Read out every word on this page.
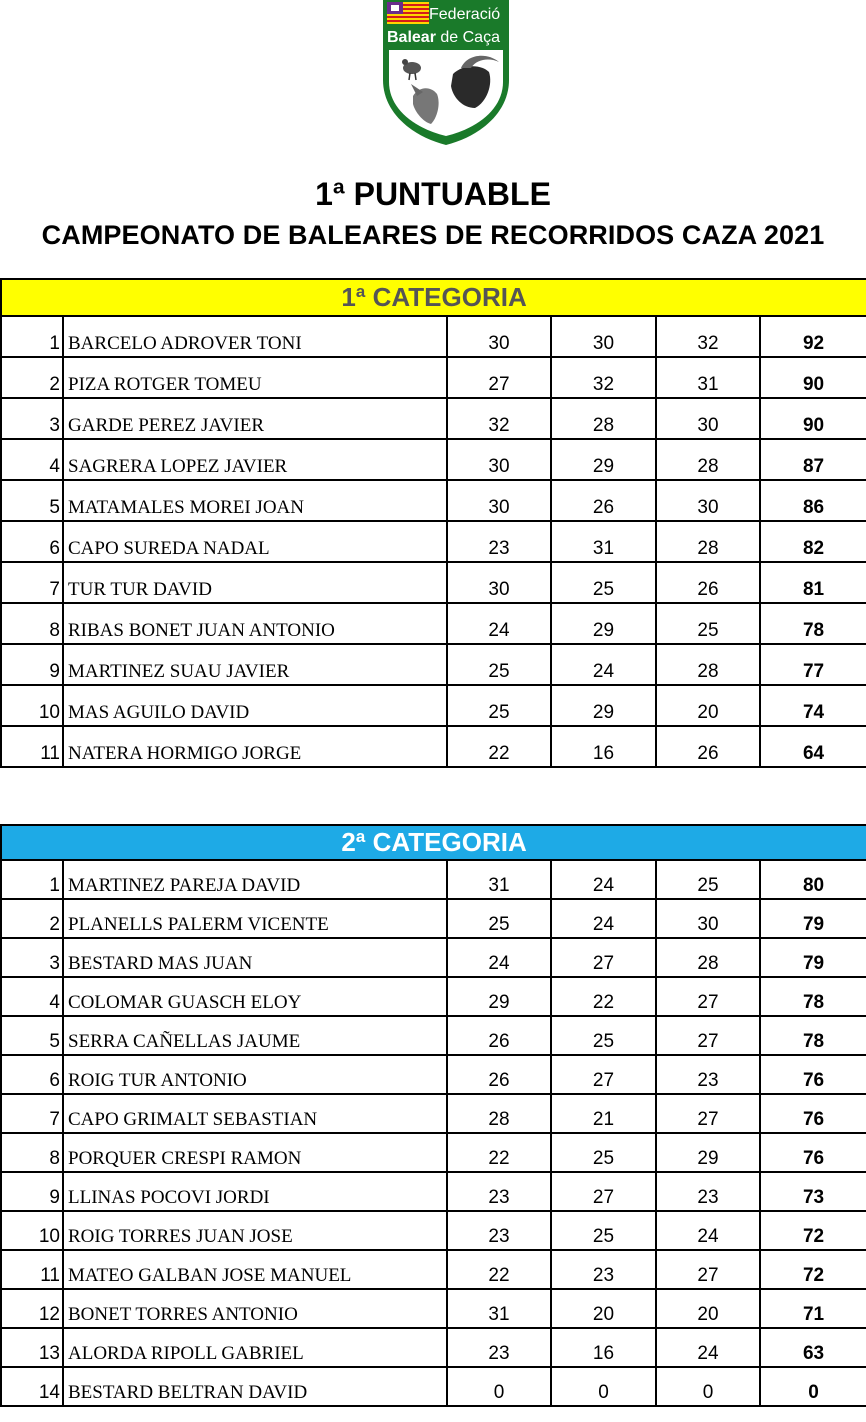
Federació
Balear de Caça
1ª PUNTUABLE
CAMPEONATO DE BALEARES DE RECORRIDOS CAZA 2021
1ª CATEGORIA					

1	BARCELO ADROVER TONI	30	30	32	92

2	PIZA ROTGER TOMEU	27	32	31	90

3	GARDE PEREZ JAVIER	32	28	30	90

4	SAGRERA LOPEZ JAVIER	30	29	28	87

5	MATAMALES MOREI JOAN	30	26	30	86

6	CAPO SUREDA NADAL	23	31	28	82

7	TUR TUR DAVID	30	25	26	81

8	RIBAS BONET JUAN ANTONIO	24	29	25	78

9	MARTINEZ SUAU JAVIER	25	24	28	77

10	MAS AGUILO DAVID	25	29	20	74

11	NATERA HORMIGO JORGE	22	16	26	64
2ª CATEGORIA					

1	MARTINEZ PAREJA DAVID	31	24	25	80

2	PLANELLS PALERM VICENTE	25	24	30	79

3	BESTARD MAS JUAN	24	27	28	79

4	COLOMAR GUASCH ELOY	29	22	27	78

5	SERRA CAÑELLAS JAUME	26	25	27	78

6	ROIG TUR ANTONIO	26	27	23	76

7	CAPO GRIMALT SEBASTIAN	28	21	27	76

8	PORQUER CRESPI RAMON	22	25	29	76

9	LLINAS POCOVI JORDI	23	27	23	73

10	ROIG TORRES JUAN JOSE	23	25	24	72

11	MATEO GALBAN JOSE MANUEL	22	23	27	72

12	BONET TORRES ANTONIO	31	20	20	71

13	ALORDA RIPOLL GABRIEL	23	16	24	63

14	BESTARD BELTRAN DAVID	0	0	0	0
